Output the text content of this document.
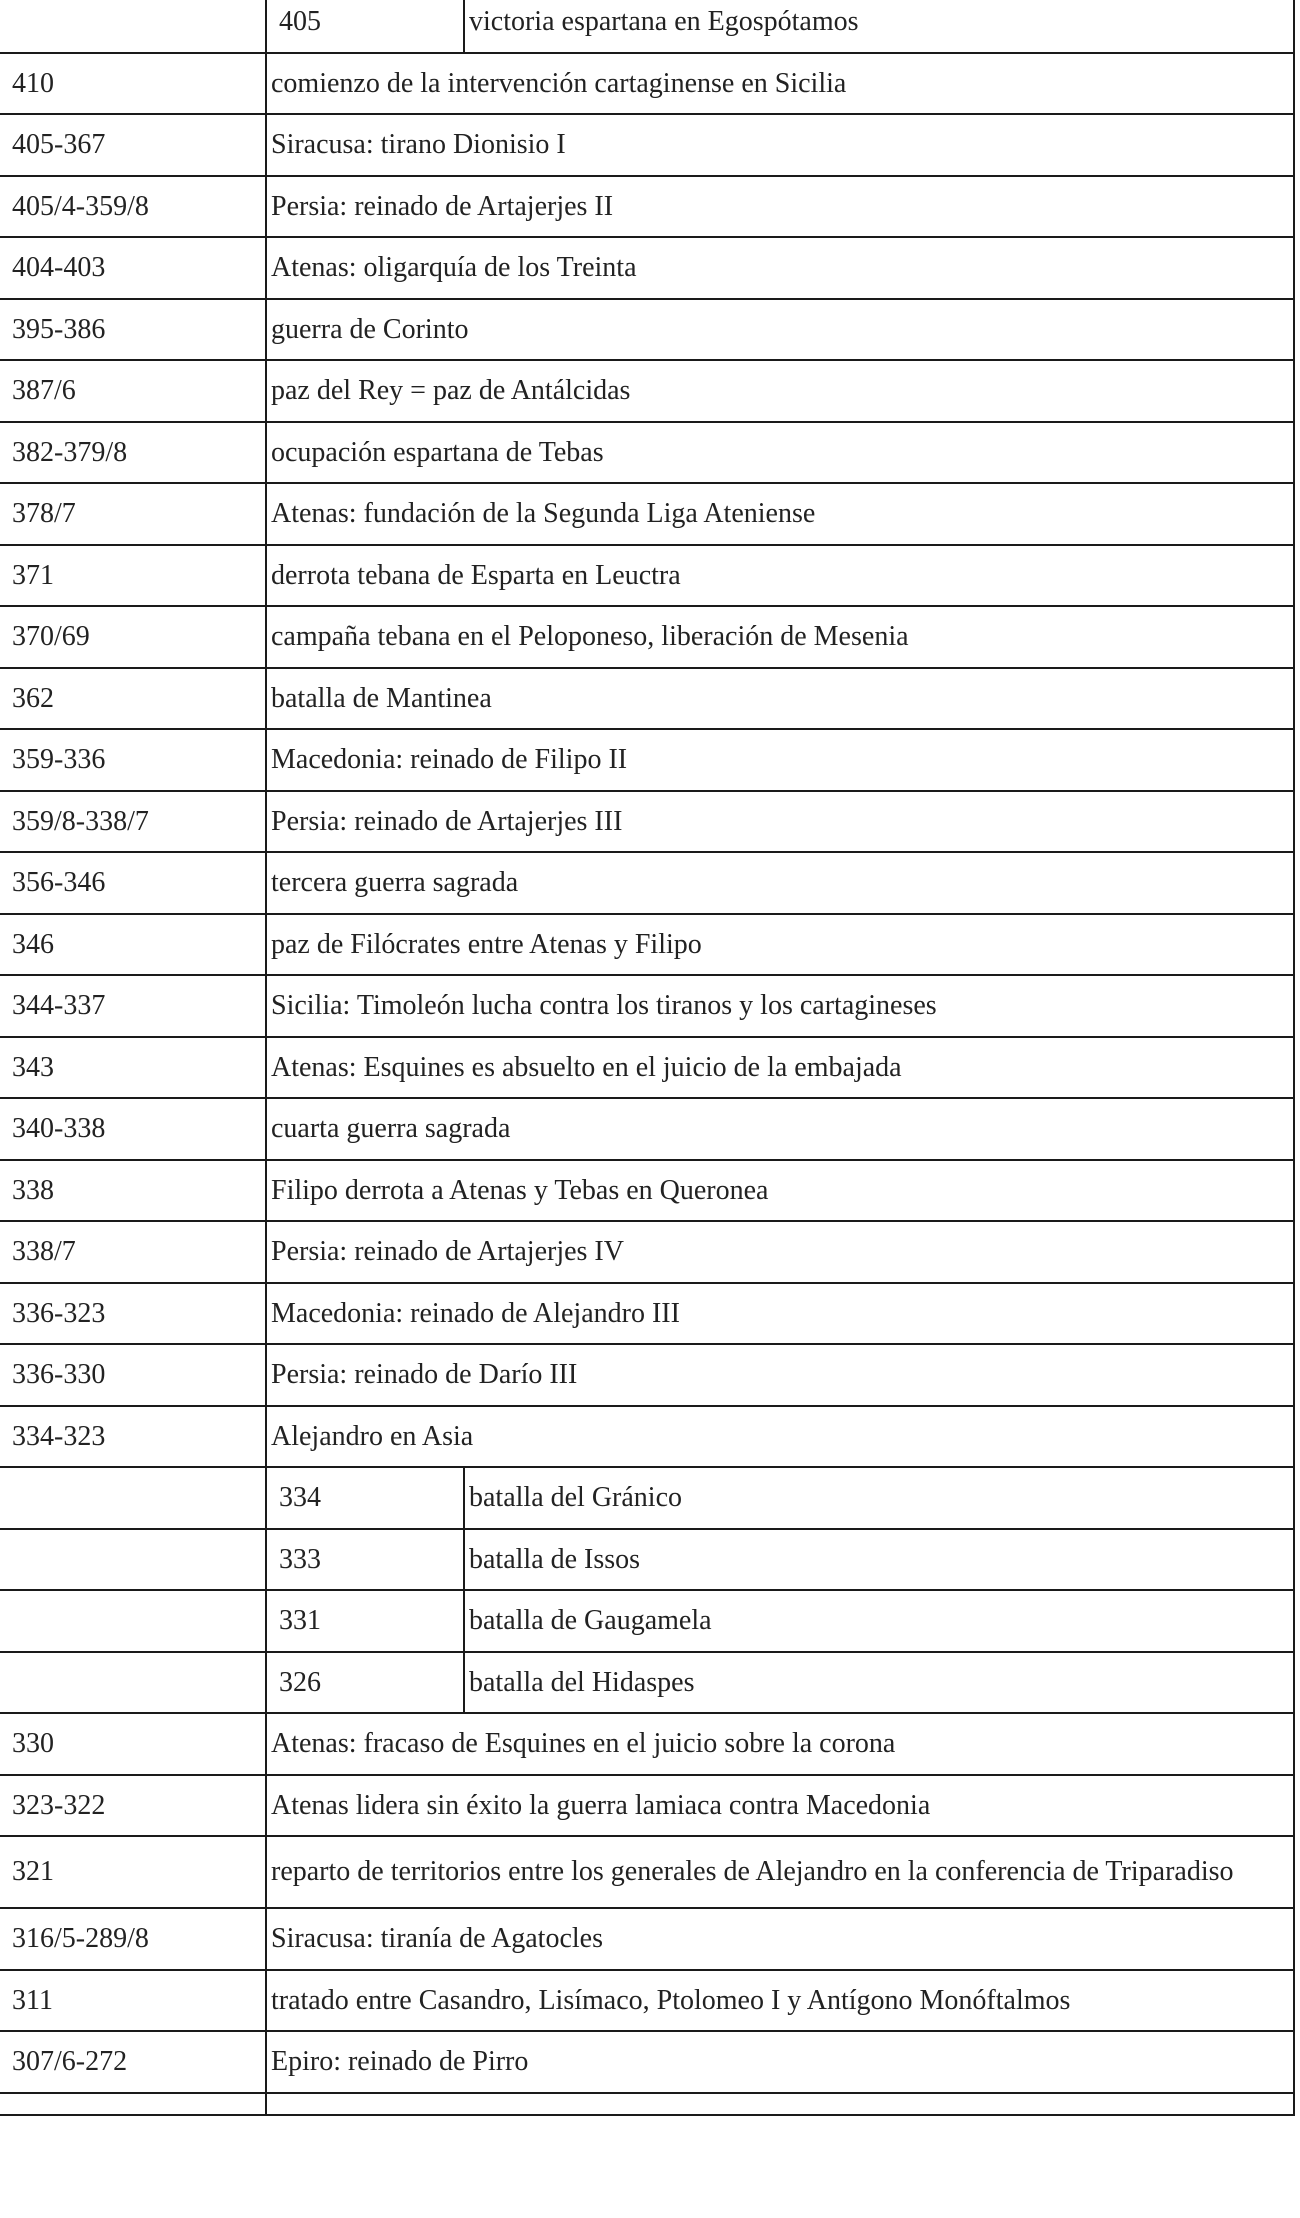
405	victoria espartana en Egospótamos

410	comienzo de la intervención cartaginense en Sicilia
405-367	Siracusa: tirano Dionisio I
405/4-359/8	Persia: reinado de Artajerjes II
404-403	Atenas: oligarquía de los Treinta
395-386	guerra de Corinto
387/6	paz del Rey = paz de Antálcidas
382-379/8	ocupación espartana de Tebas
378/7	Atenas: fundación de la Segunda Liga Ateniense
371	derrota tebana de Esparta en Leuctra
370/69	campaña tebana en el Peloponeso, liberación de Mesenia
362	batalla de Mantinea
359-336	Macedonia: reinado de Filipo II
359/8-338/7	Persia: reinado de Artajerjes III
356-346	tercera guerra sagrada
346	paz de Filócrates entre Atenas y Filipo
344-337	Sicilia: Timoleón lucha contra los tiranos y los cartagineses
343	Atenas: Esquines es absuelto en el juicio de la embajada
340-338	cuarta guerra sagrada
338	Filipo derrota a Atenas y Tebas en Queronea
338/7	Persia: reinado de Artajerjes IV
336-323	Macedonia: reinado de Alejandro III
336-330	Persia: reinado de Darío III
334-323	Alejandro en Asia

334	batalla del Gránico

333	batalla de Issos

331	batalla de Gaugamela

326	batalla del Hidaspes

330	Atenas: fracaso de Esquines en el juicio sobre la corona
323-322	Atenas lidera sin éxito la guerra lamiaca contra Macedonia
321	reparto de territorios entre los generales de Alejandro en la conferencia de Triparadiso
316/5-289/8	Siracusa: tiranía de Agatocles
311	tratado entre Casandro, Lisímaco, Ptolomeo I y Antígono Monóftalmos
307/6-272	Epiro: reinado de Pirro
